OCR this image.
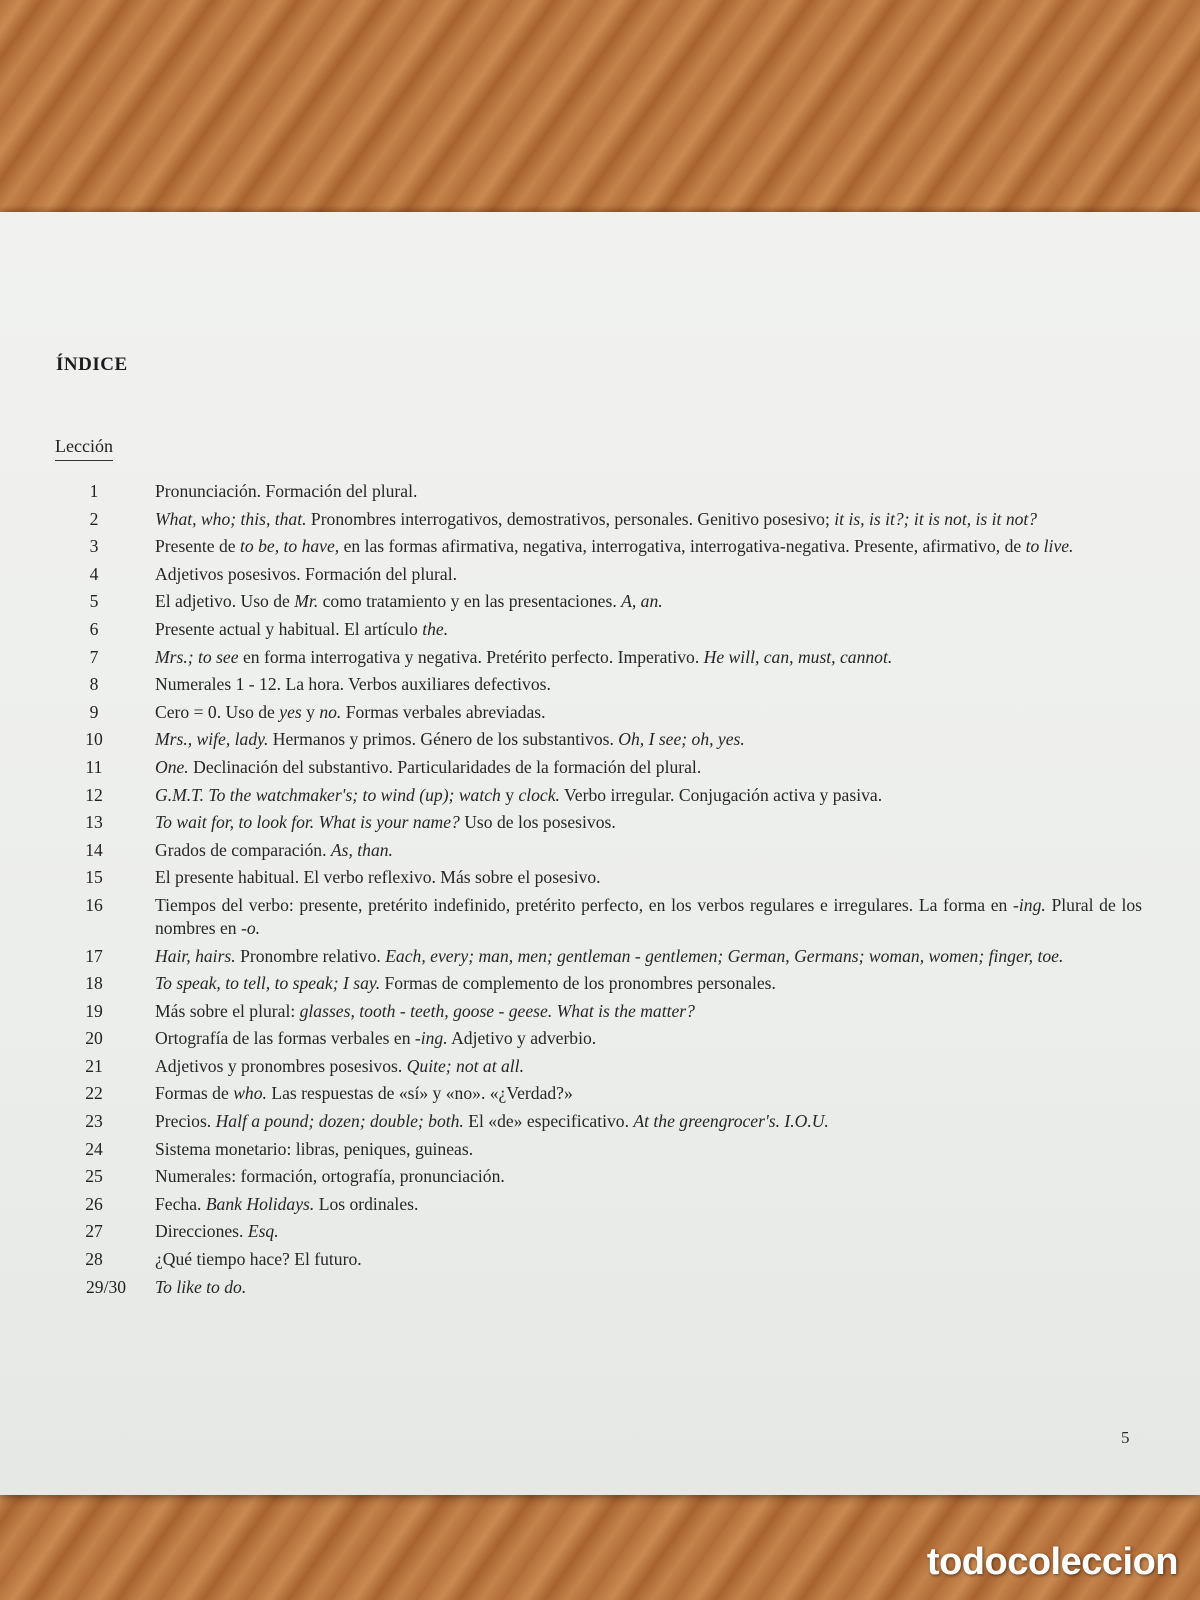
ÍNDICE
Lección
1	Pronunciación. Formación del plural.
2	What, who; this, that. Pronombres interrogativos, demostrativos, personales. Genitivo posesivo; it is, is it?; it is not, is it not?
3	Presente de to be, to have, en las formas afirmativa, negativa, interrogativa, interrogativa-negativa. Presente, afirmativo, de to live.
4	Adjetivos posesivos. Formación del plural.
5	El adjetivo. Uso de Mr. como tratamiento y en las presentaciones. A, an.
6	Presente actual y habitual. El artículo the.
7	Mrs.; to see en forma interrogativa y negativa. Pretérito perfecto. Imperativo. He will, can, must, cannot.
8	Numerales 1 - 12. La hora. Verbos auxiliares defectivos.
9	Cero = 0. Uso de yes y no. Formas verbales abreviadas.
10	Mrs., wife, lady. Hermanos y primos. Género de los substantivos. Oh, I see; oh, yes.
11	One. Declinación del substantivo. Particularidades de la formación del plural.
12	G.M.T. To the watchmaker's; to wind (up); watch y clock. Verbo irregular. Conjugación activa y pasiva.
13	To wait for, to look for. What is your name? Uso de los posesivos.
14	Grados de comparación. As, than.
15	El presente habitual. El verbo reflexivo. Más sobre el posesivo.
16	Tiempos del verbo: presente, pretérito indefinido, pretérito perfecto, en los verbos regulares e irregulares. La forma en -ing. Plural de los nombres en -o.
17	Hair, hairs. Pronombre relativo. Each, every; man, men; gentleman - gentlemen; German, Germans; woman, women; finger, toe.
18	To speak, to tell, to speak; I say. Formas de complemento de los pronombres personales.
19	Más sobre el plural: glasses, tooth - teeth, goose - geese. What is the matter?
20	Ortografía de las formas verbales en -ing. Adjetivo y adverbio.
21	Adjetivos y pronombres posesivos. Quite; not at all.
22	Formas de who. Las respuestas de «sí» y «no». «¿Verdad?»
23	Precios. Half a pound; dozen; double; both. El «de» especificativo. At the greengrocer's. I.O.U.
24	Sistema monetario: libras, peniques, guineas.
25	Numerales: formación, ortografía, pronunciación.
26	Fecha. Bank Holidays. Los ordinales.
27	Direcciones. Esq.
28	¿Qué tiempo hace? El futuro.
29/30 To like to do.
5
todocoleccion
